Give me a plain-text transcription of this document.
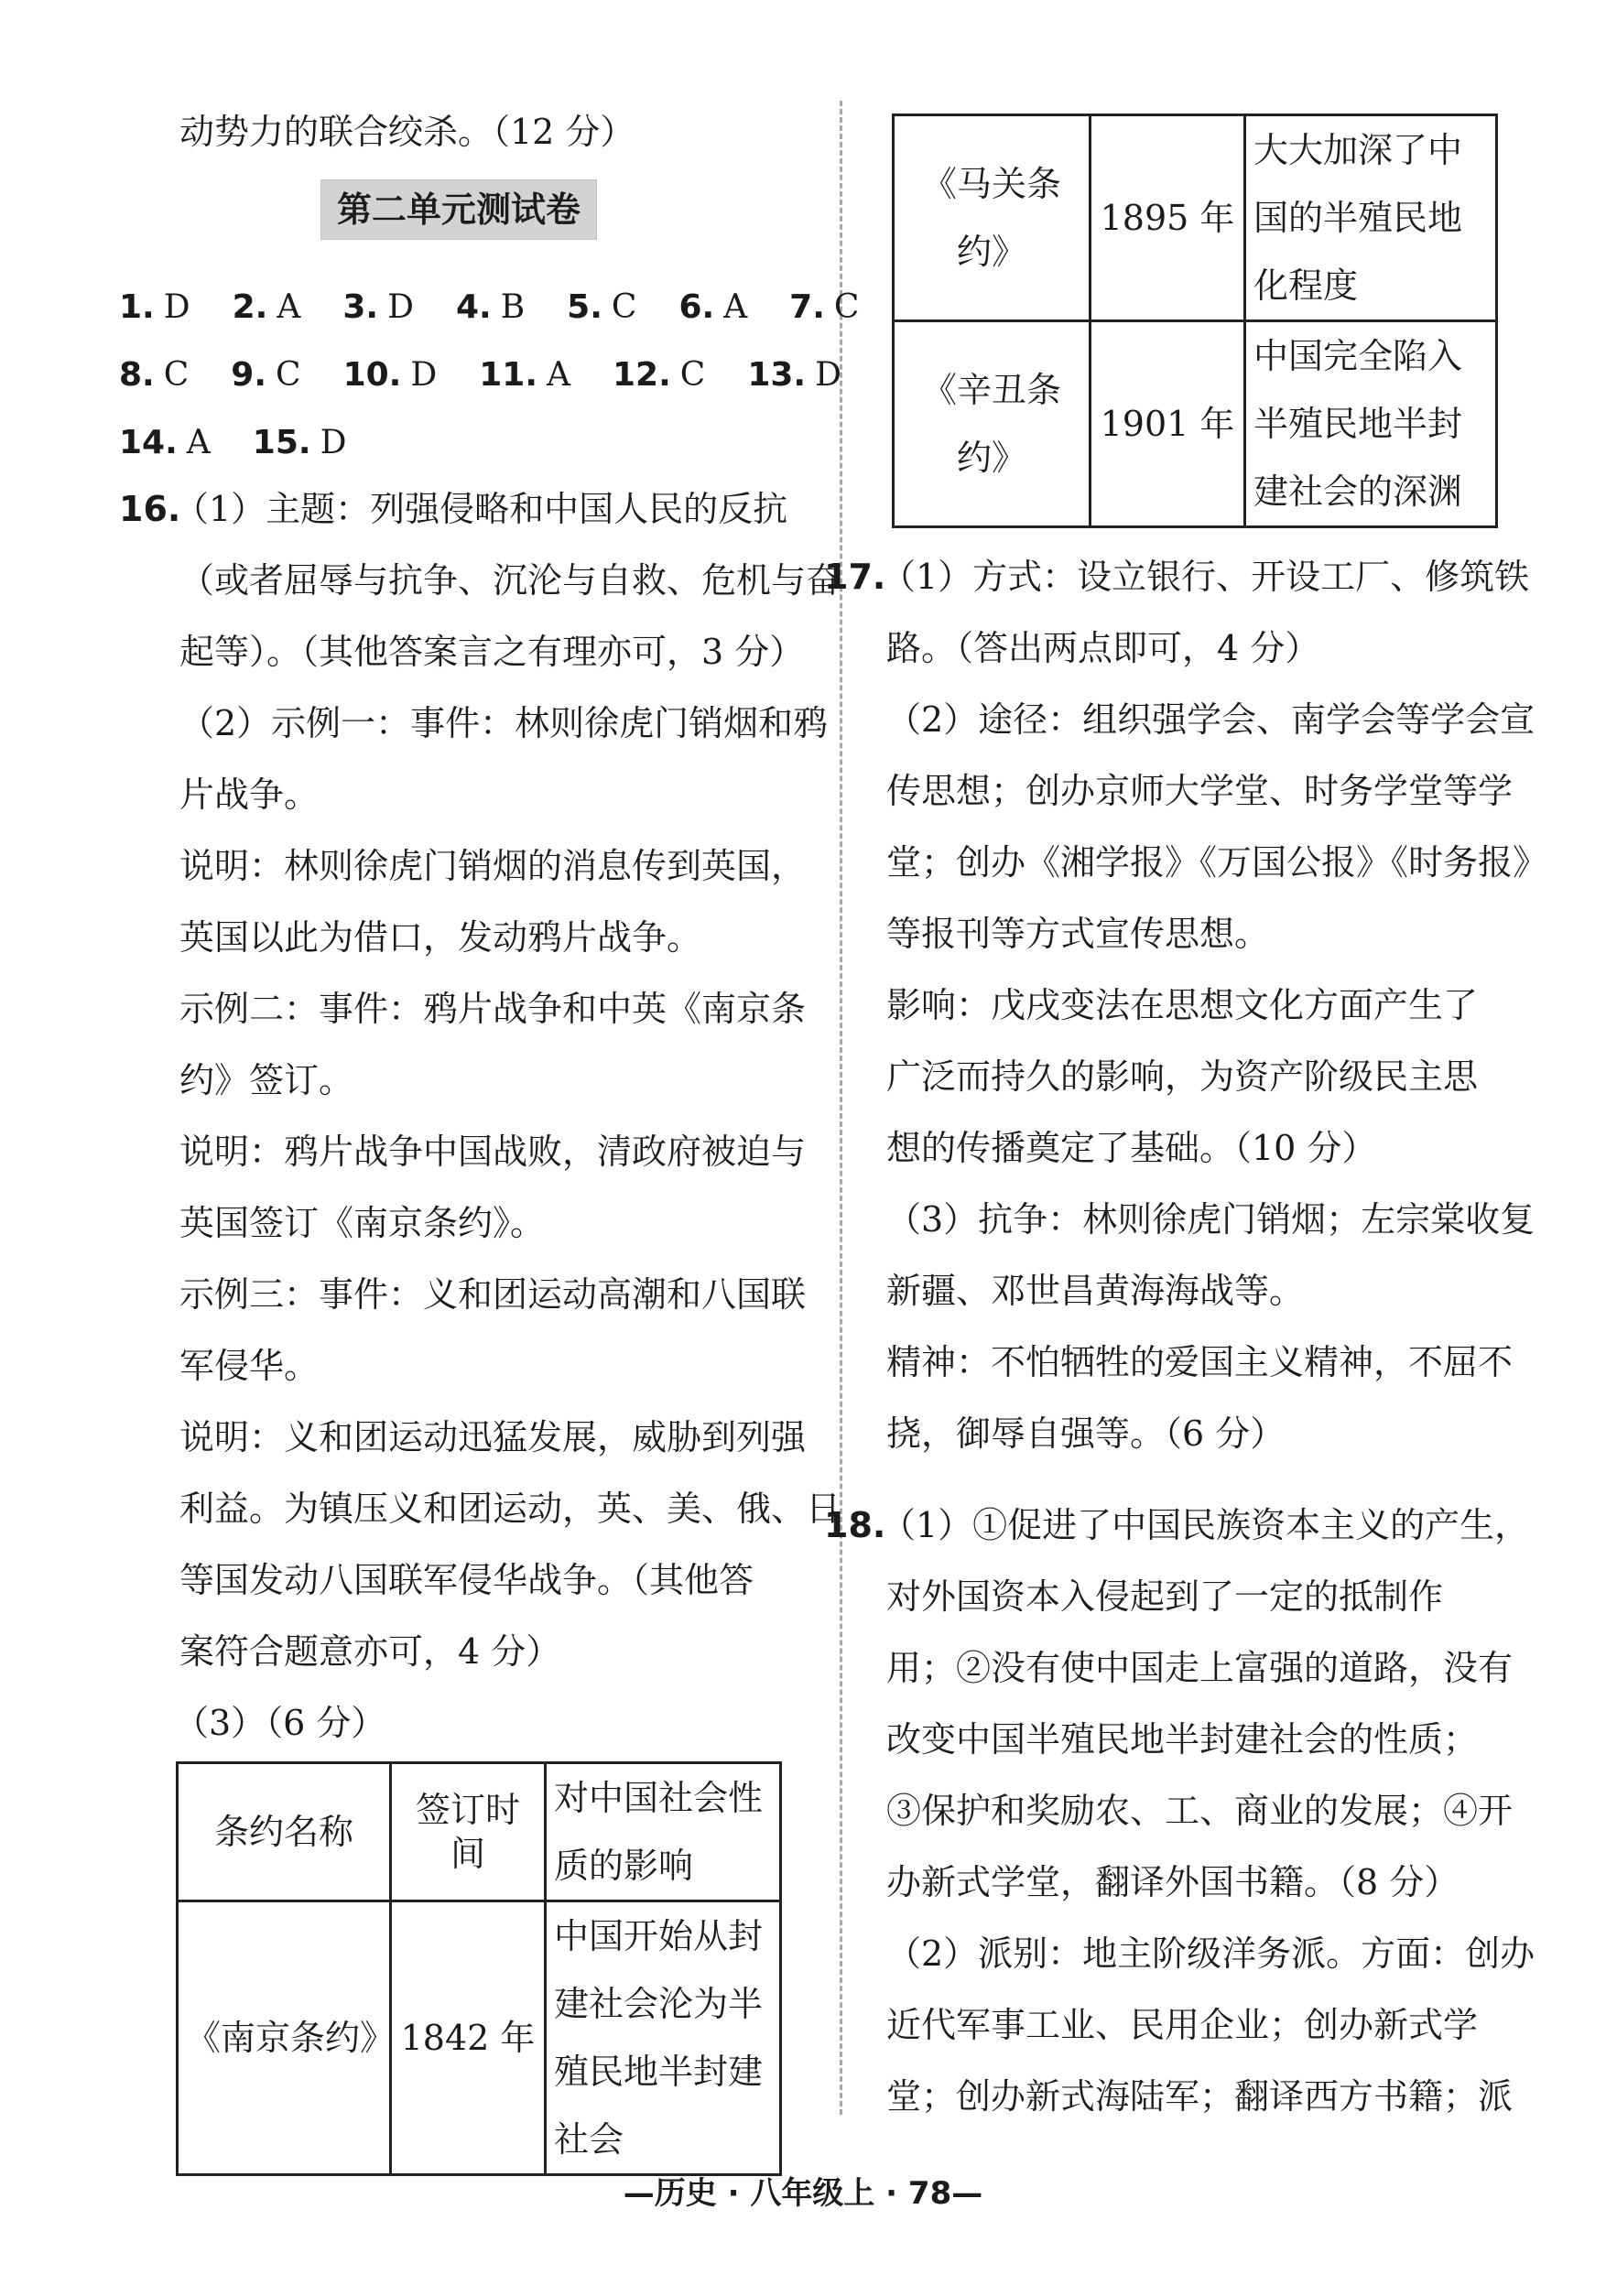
动势力的联合绞杀。（12 分）
第二单元测试卷
1. D 2. A 3. D 4. B 5. C 6. A 7. C
8. C 9. C 10. D 11. A 12. C 13. D
14. A 15. D
16.
（1）主题：列强侵略和中国人民的反抗
（或者屈辱与抗争、沉沦与自救、危机与奋
起等）。（其他答案言之有理亦可，3 分）
（2）示例一：事件：林则徐虎门销烟和鸦
片战争。
说明：林则徐虎门销烟的消息传到英国，
英国以此为借口，发动鸦片战争。
示例二：事件：鸦片战争和中英《南京条
约》签订。
说明：鸦片战争中国战败，清政府被迫与
英国签订《南京条约》。
示例三：事件：义和团运动高潮和八国联
军侵华。
说明：义和团运动迅猛发展，威胁到列强
利益。为镇压义和团运动，英、美、俄、日
等国发动八国联军侵华战争。（其他答
案符合题意亦可，4 分）
（3）（6 分）
条约名称	签订时间	对中国社会性
质的影响

《南京条约》	1842 年	中国开始从封
建社会沦为半
殖民地半封建
社会
《马关条约》	1895 年	大大加深了中
国的半殖民地
化程度

《辛丑条约》	1901 年	中国完全陷入
半殖民地半封
建社会的深渊
17.
（1）方式：设立银行、开设工厂、修筑铁
路。（答出两点即可，4 分）
（2）途径：组织强学会、南学会等学会宣
传思想；创办京师大学堂、时务学堂等学
堂；创办《湘学报》《万国公报》《时务报》
等报刊等方式宣传思想。
影响：戊戌变法在思想文化方面产生了
广泛而持久的影响，为资产阶级民主思
想的传播奠定了基础。（10 分）
（3）抗争：林则徐虎门销烟；左宗棠收复
新疆、邓世昌黄海海战等。
精神：不怕牺牲的爱国主义精神，不屈不
挠，御辱自强等。（6 分）
18.
（1）①促进了中国民族资本主义的产生，
对外国资本入侵起到了一定的抵制作
用；②没有使中国走上富强的道路，没有
改变中国半殖民地半封建社会的性质；
③保护和奖励农、工、商业的发展；④开
办新式学堂，翻译外国书籍。（8 分）
（2）派别：地主阶级洋务派。方面：创办
近代军事工业、民用企业；创办新式学
堂；创办新式海陆军；翻译西方书籍；派
—历史 · 八年级上 · 78—
